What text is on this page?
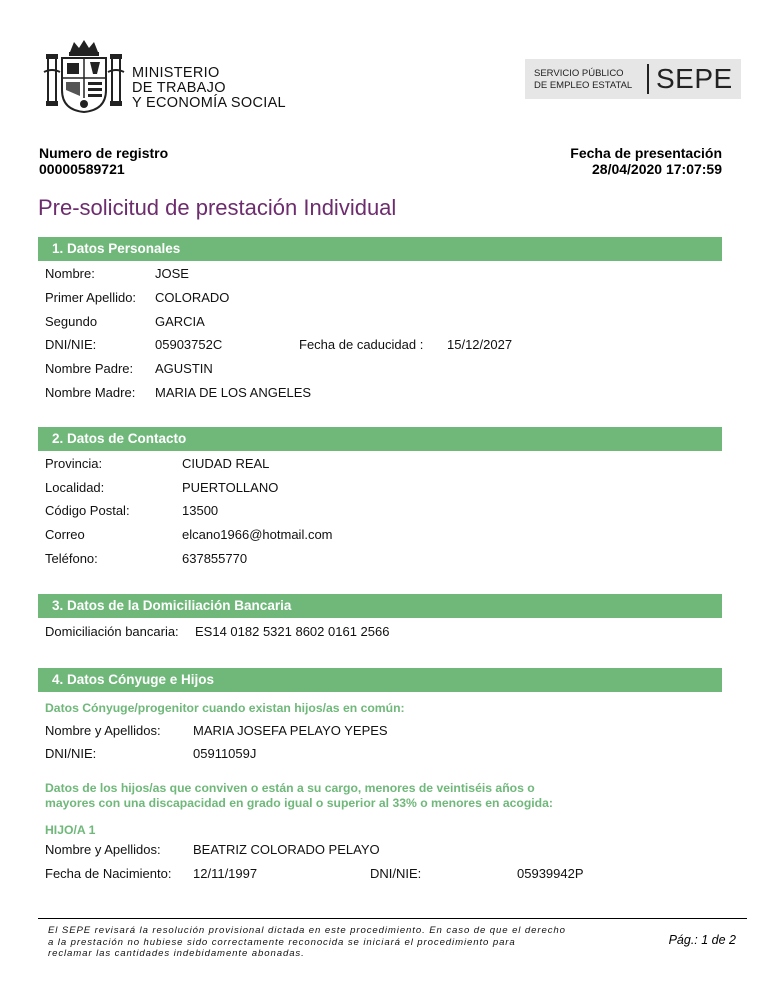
MINISTERIO
DE TRABAJO
Y ECONOMÍA SOCIAL
SERVICIO PÚBLICO
DE EMPLEO ESTATAL SEPE
Numero de registro
00000589721
Fecha de presentación
28/04/2020 17:07:59
Pre-solicitud de prestación Individual
1. Datos Personales
Nombre:	JOSE
Primer Apellido: COLORADO
Segundo	GARCIA
DNI/NIE:	05903752C	Fecha de caducidad : 15/12/2027
Nombre Padre: AGUSTIN
Nombre Madre: MARIA DE LOS ANGELES
2. Datos de Contacto
Provincia:	CIUDAD REAL
Localidad:	PUERTOLLANO
Código Postal:	13500
Correo	elcano1966@hotmail.com
Teléfono:	637855770
3. Datos de la Domiciliación Bancaria
Domiciliación bancaria: ES14 0182 5321 8602 0161 2566
4. Datos Cónyuge e Hijos
Datos Cónyuge/progenitor cuando existan hijos/as en común:
Nombre y Apellidos: MARIA JOSEFA PELAYO YEPES
DNI/NIE:	05911059J
Datos de los hijos/as que conviven o están a su cargo, menores de veintiséis años o
mayores con una discapacidad en grado igual o superior al 33% o menores en acogida:
HIJO/A 1
Nombre y Apellidos: BEATRIZ COLORADO PELAYO
Fecha de Nacimiento: 12/11/1997	DNI/NIE:	05939942P
El SEPE revisará la resolución provisional dictada en este procedimiento. En caso de que el derecho
a la prestación no hubiese sido correctamente reconocida se iniciará el procedimiento para
reclamar las cantidades indebidamente abonadas.
Pág.: 1 de 2
